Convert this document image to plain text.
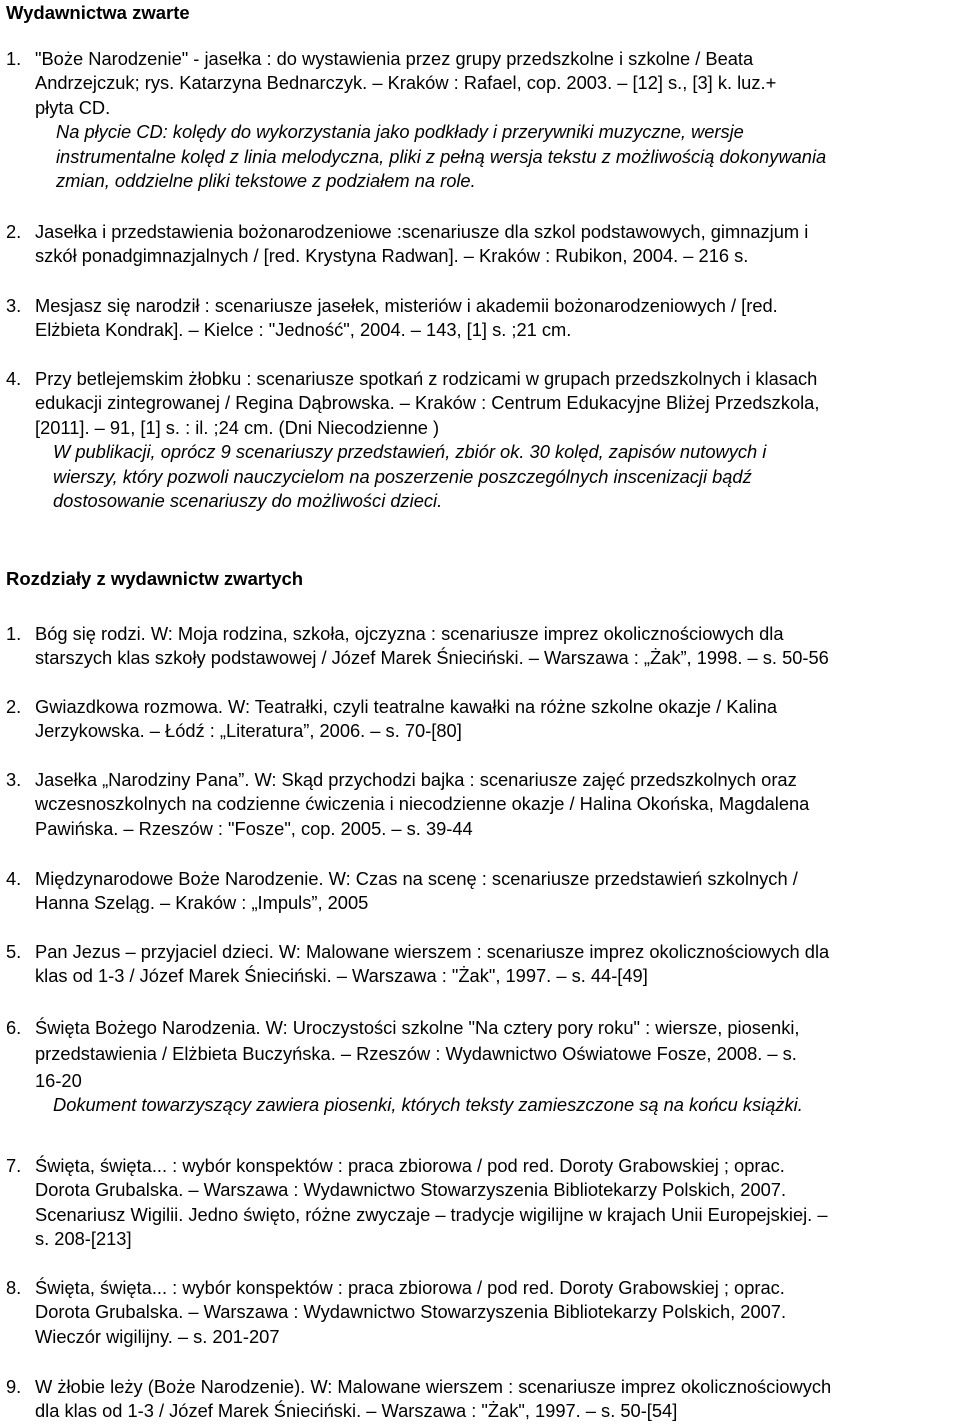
Wydawnictwa zwarte
1. "Boże Narodzenie" - jasełka : do wystawienia przez grupy przedszkolne i szkolne / Beata
Andrzejczuk; rys. Katarzyna Bednarczyk. – Kraków : Rafael, cop. 2003. – [12] s., [3] k. luz.+
płyta CD.
Na płycie CD: kolędy do wykorzystania jako podkłady i przerywniki muzyczne, wersje
instrumentalne kolęd z linia melodyczna, pliki z pełną wersja tekstu z możliwością dokonywania
zmian, oddzielne pliki tekstowe z podziałem na role.
2. Jasełka i przedstawienia bożonarodzeniowe :scenariusze dla szkol podstawowych, gimnazjum i
szkół ponadgimnazjalnych / [red. Krystyna Radwan]. – Kraków : Rubikon, 2004. – 216 s.
3. Mesjasz się narodził : scenariusze jasełek, misteriów i akademii bożonarodzeniowych / [red.
Elżbieta Kondrak]. – Kielce : "Jedność", 2004. – 143, [1] s. ;21 cm.
4. Przy betlejemskim żłobku : scenariusze spotkań z rodzicami w grupach przedszkolnych i klasach
edukacji zintegrowanej / Regina Dąbrowska. – Kraków : Centrum Edukacyjne Bliżej Przedszkola,
[2011]. – 91, [1] s. : il. ;24 cm. (Dni Niecodzienne )
W publikacji, oprócz 9 scenariuszy przedstawień, zbiór ok. 30 kolęd, zapisów nutowych i
wierszy, który pozwoli nauczycielom na poszerzenie poszczególnych inscenizacji bądź
dostosowanie scenariuszy do możliwości dzieci.
Rozdziały z wydawnictw zwartych
1. Bóg się rodzi. W: Moja rodzina, szkoła, ojczyzna : scenariusze imprez okolicznościowych dla
starszych klas szkoły podstawowej / Józef Marek Śnieciński. – Warszawa : „Żak”, 1998. – s. 50-56
2. Gwiazdkowa rozmowa. W: Teatrałki, czyli teatralne kawałki na różne szkolne okazje / Kalina
Jerzykowska. – Łódź : „Literatura”, 2006. – s. 70-[80]
3. Jasełka „Narodziny Pana”. W: Skąd przychodzi bajka : scenariusze zajęć przedszkolnych oraz
wczesnoszkolnych na codzienne ćwiczenia i niecodzienne okazje / Halina Okońska, Magdalena
Pawińska. – Rzeszów : "Fosze", cop. 2005. – s. 39-44
4. Międzynarodowe Boże Narodzenie. W: Czas na scenę : scenariusze przedstawień szkolnych /
Hanna Szeląg. – Kraków : „Impuls”, 2005
5. Pan Jezus – przyjaciel dzieci. W: Malowane wierszem : scenariusze imprez okolicznościowych dla
klas od 1-3 / Józef Marek Śnieciński. – Warszawa : "Żak", 1997. – s. 44-[49]
6. Święta Bożego Narodzenia. W: Uroczystości szkolne "Na cztery pory roku" : wiersze, piosenki,
przedstawienia / Elżbieta Buczyńska. – Rzeszów : Wydawnictwo Oświatowe Fosze, 2008. – s.
16-20
Dokument towarzyszący zawiera piosenki, których teksty zamieszczone są na końcu książki.
7. Święta, święta... : wybór konspektów : praca zbiorowa / pod red. Doroty Grabowskiej ; oprac.
Dorota Grubalska. – Warszawa : Wydawnictwo Stowarzyszenia Bibliotekarzy Polskich, 2007.
Scenariusz Wigilii. Jedno święto, różne zwyczaje – tradycje wigilijne w krajach Unii Europejskiej. –
s. 208-[213]
8. Święta, święta... : wybór konspektów : praca zbiorowa / pod red. Doroty Grabowskiej ; oprac.
Dorota Grubalska. – Warszawa : Wydawnictwo Stowarzyszenia Bibliotekarzy Polskich, 2007.
Wieczór wigilijny. – s. 201-207
9. W żłobie leży (Boże Narodzenie). W: Malowane wierszem : scenariusze imprez okolicznościowych
dla klas od 1-3 / Józef Marek Śnieciński. – Warszawa : "Żak", 1997. – s. 50-[54]
